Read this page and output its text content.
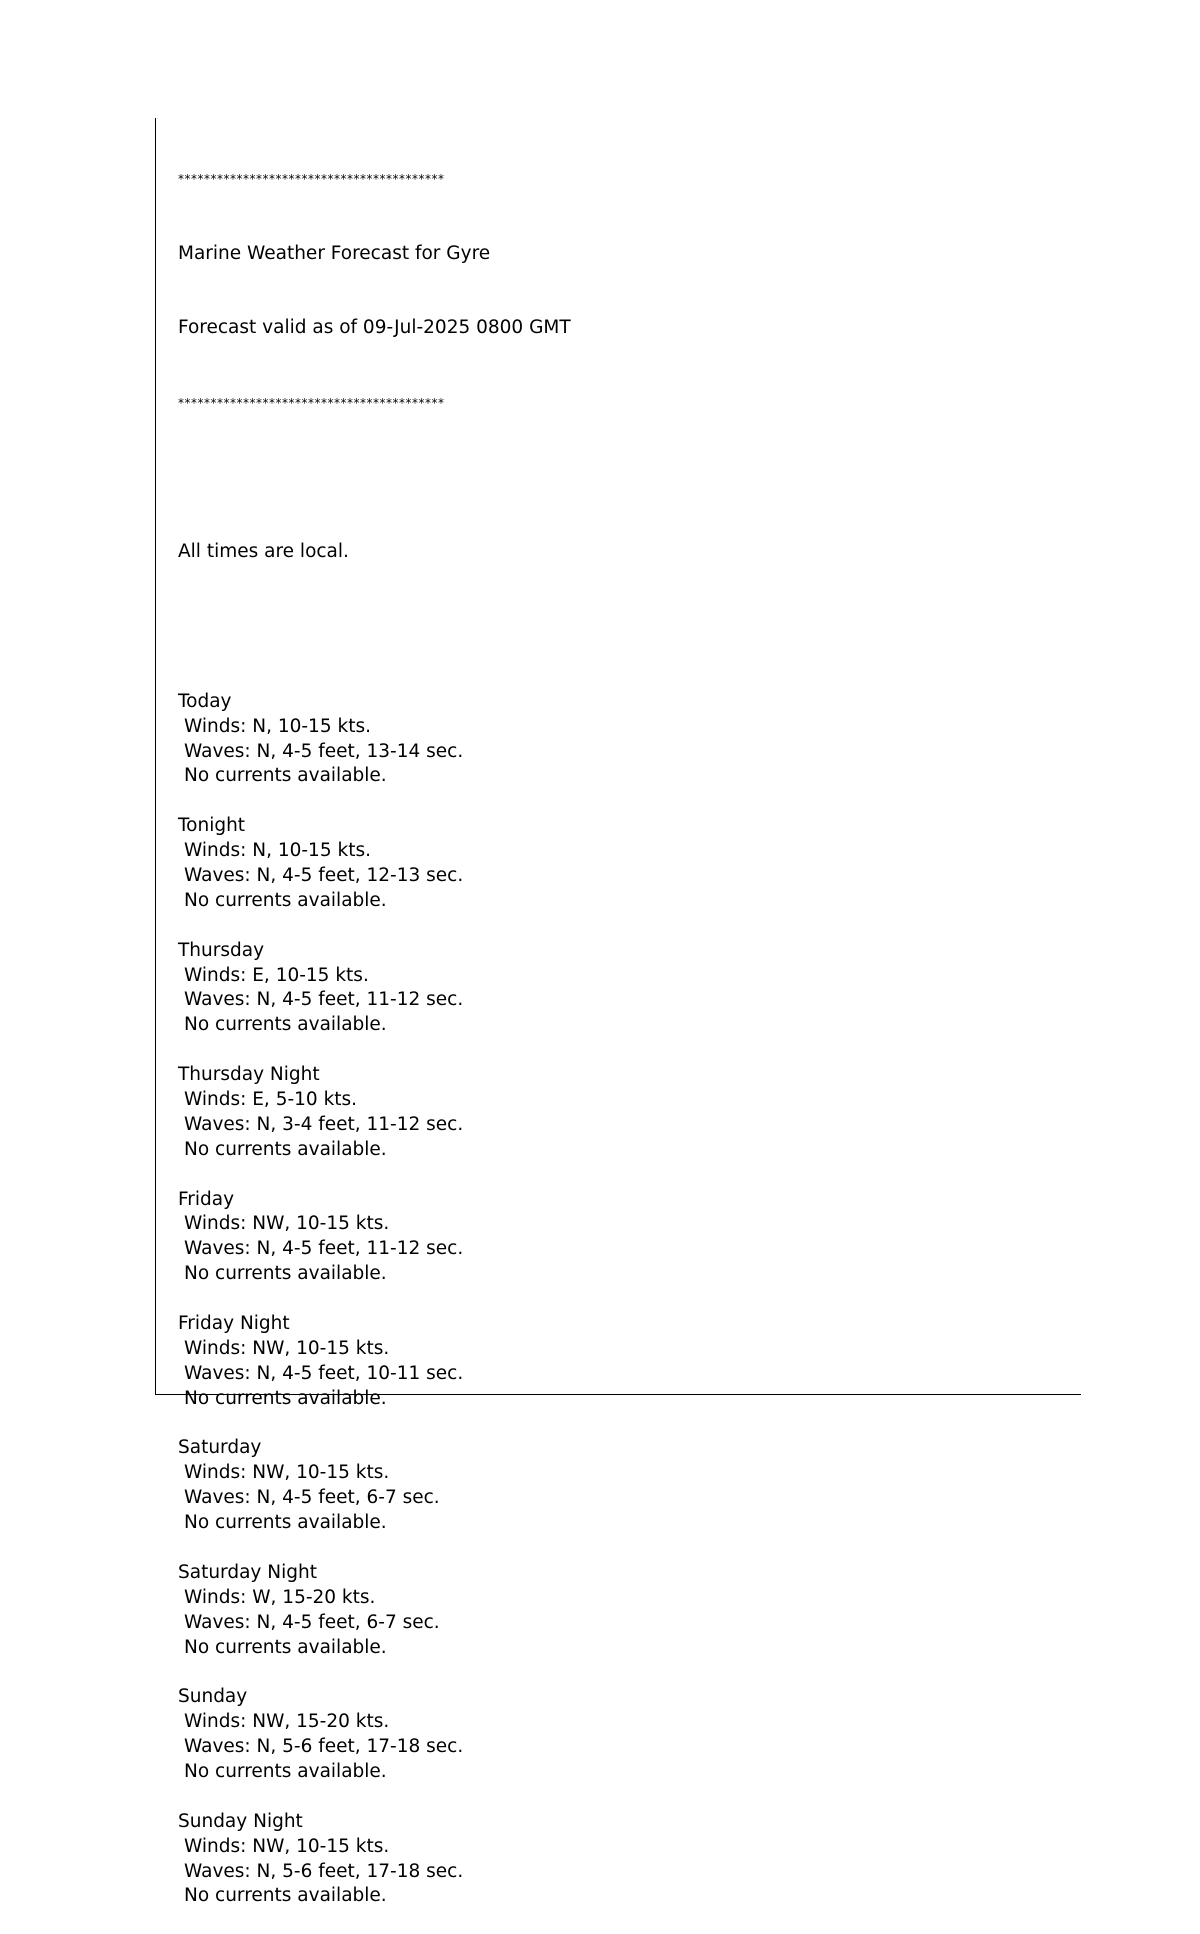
*****************************************

Marine Weather Forecast for Gyre

Forecast valid as of 09-Jul-2025 0800 GMT

*****************************************

All times are local.

Today
Winds: N, 10-15 kts.
Waves: N, 4-5 feet, 13-14 sec.
No currents available.
Tonight
Winds: N, 10-15 kts.
Waves: N, 4-5 feet, 12-13 sec.
No currents available.
Thursday
Winds: E, 10-15 kts.
Waves: N, 4-5 feet, 11-12 sec.
No currents available.
Thursday Night
Winds: E, 5-10 kts.
Waves: N, 3-4 feet, 11-12 sec.
No currents available.
Friday
Winds: NW, 10-15 kts.
Waves: N, 4-5 feet, 11-12 sec.
No currents available.
Friday Night
Winds: NW, 10-15 kts.
Waves: N, 4-5 feet, 10-11 sec.
No currents available.
Saturday
Winds: NW, 10-15 kts.
Waves: N, 4-5 feet, 6-7 sec.
No currents available.
Saturday Night
Winds: W, 15-20 kts.
Waves: N, 4-5 feet, 6-7 sec.
No currents available.
Sunday
Winds: NW, 15-20 kts.
Waves: N, 5-6 feet, 17-18 sec.
No currents available.
Sunday Night
Winds: NW, 10-15 kts.
Waves: N, 5-6 feet, 17-18 sec.
No currents available.
